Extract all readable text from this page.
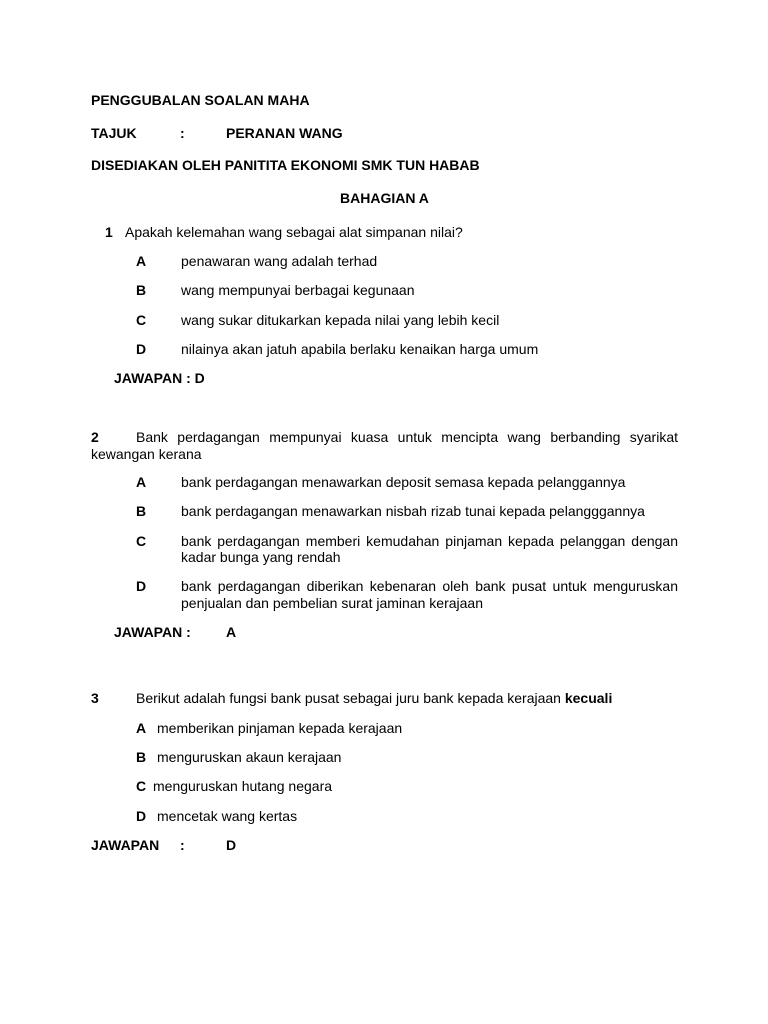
PENGGUBALAN SOALAN MAHA
TAJUK	:	PERANAN WANG
DISEDIAKAN OLEH PANITITA EKONOMI SMK TUN HABAB
BAHAGIAN A
1 Apakah kelemahan wang sebagai alat simpanan nilai?
A penawaran wang adalah terhad
B wang mempunyai berbagai kegunaan
C wang sukar ditukarkan kepada nilai yang lebih kecil
D nilainya akan jatuh apabila berlaku kenaikan harga umum
JAWAPAN : D
2	Bank perdagangan mempunyai kuasa untuk mencipta wang berbanding syarikat
kewangan kerana
A bank perdagangan menawarkan deposit semasa kepada pelanggannya
B bank perdagangan menawarkan nisbah rizab tunai kepada pelangggannya
C bank perdagangan memberi kemudahan pinjaman kepada pelanggan dengan
kadar bunga yang rendah
D bank perdagangan diberikan kebenaran oleh bank pusat untuk menguruskan
penjualan dan pembelian surat jaminan kerajaan
JAWAPAN :	A
3	Berikut adalah fungsi bank pusat sebagai juru bank kepada kerajaan kecuali
A memberikan pinjaman kepada kerajaan
B menguruskan akaun kerajaan
C menguruskan hutang negara
D mencetak wang kertas
JAWAPAN :	D
